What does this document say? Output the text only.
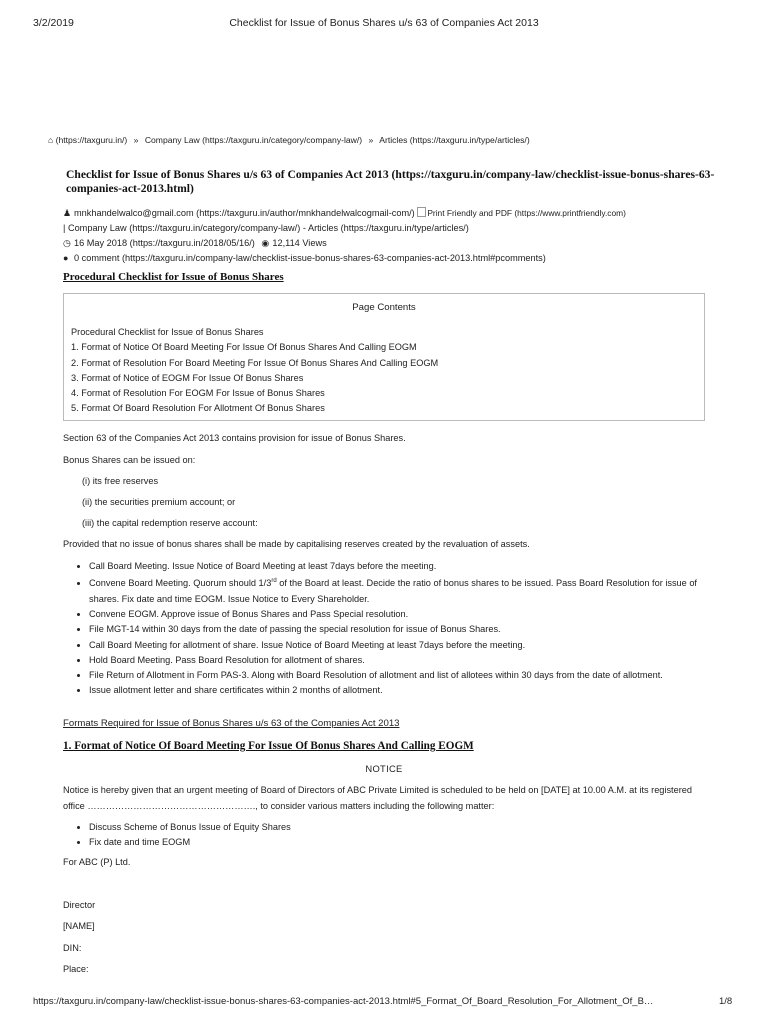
3/2/2019	Checklist for Issue of Bonus Shares u/s 63 of Companies Act 2013
⌂ (https://taxguru.in/) » Company Law (https://taxguru.in/category/company-law/) » Articles (https://taxguru.in/type/articles/)
Checklist for Issue of Bonus Shares u/s 63 of Companies Act 2013 (https://taxguru.in/company-law/checklist-issue-bonus-shares-63-companies-act-2013.html)
♟ mnkhandelwalco@gmail.com (https://taxguru.in/author/mnkhandelwalcogmail-com/) Print Friendly and PDF (https://www.printfriendly.com)
| Company Law (https://taxguru.in/category/company-law/) - Articles (https://taxguru.in/type/articles/)
◷ 16 May 2018 (https://taxguru.in/2018/05/16/) ◉ 12,114 Views
● 0 comment (https://taxguru.in/company-law/checklist-issue-bonus-shares-63-companies-act-2013.html#pcomments)
Procedural Checklist for Issue of Bonus Shares
Page Contents
Procedural Checklist for Issue of Bonus Shares
1. Format of Notice Of Board Meeting For Issue Of Bonus Shares And Calling EOGM
2. Format of Resolution For Board Meeting For Issue Of Bonus Shares And Calling EOGM
3. Format of Notice of EOGM For Issue Of Bonus Shares
4. Format of Resolution For EOGM For Issue of Bonus Shares
5. Format Of Board Resolution For Allotment Of Bonus Shares
Section 63 of the Companies Act 2013 contains provision for issue of Bonus Shares.
Bonus Shares can be issued on:
(i) its free reserves
(ii) the securities premium account; or
(iii) the capital redemption reserve account:
Provided that no issue of bonus shares shall be made by capitalising reserves created by the revaluation of assets.
• Call Board Meeting. Issue Notice of Board Meeting at least 7days before the meeting.
• Convene Board Meeting. Quorum should 1/3rd of the Board at least. Decide the ratio of bonus shares to be issued. Pass Board Resolution for issue of shares. Fix date and time EOGM. Issue Notice to Every Shareholder.
• Convene EOGM. Approve issue of Bonus Shares and Pass Special resolution.
• File MGT-14 within 30 days from the date of passing the special resolution for issue of Bonus Shares.
• Call Board Meeting for allotment of share. Issue Notice of Board Meeting at least 7days before the meeting.
• Hold Board Meeting. Pass Board Resolution for allotment of shares.
• File Return of Allotment in Form PAS-3. Along with Board Resolution of allotment and list of allotees within 30 days from the date of allotment.
• Issue allotment letter and share certificates within 2 months of allotment.
Formats Required for Issue of Bonus Shares u/s 63 of the Companies Act 2013
1. Format of Notice Of Board Meeting For Issue Of Bonus Shares And Calling EOGM
NOTICE
Notice is hereby given that an urgent meeting of Board of Directors of ABC Private Limited is scheduled to be held on [DATE] at 10.00 A.M. at its registered office ………………………………………………., to consider various matters including the following matter:
• Discuss Scheme of Bonus Issue of Equity Shares
• Fix date and time EOGM
For ABC (P) Ltd.
Director
[NAME]
DIN:
Place:
https://taxguru.in/company-law/checklist-issue-bonus-shares-63-companies-act-2013.html#5_Format_Of_Board_Resolution_For_Allotment_Of_B…	1/8
